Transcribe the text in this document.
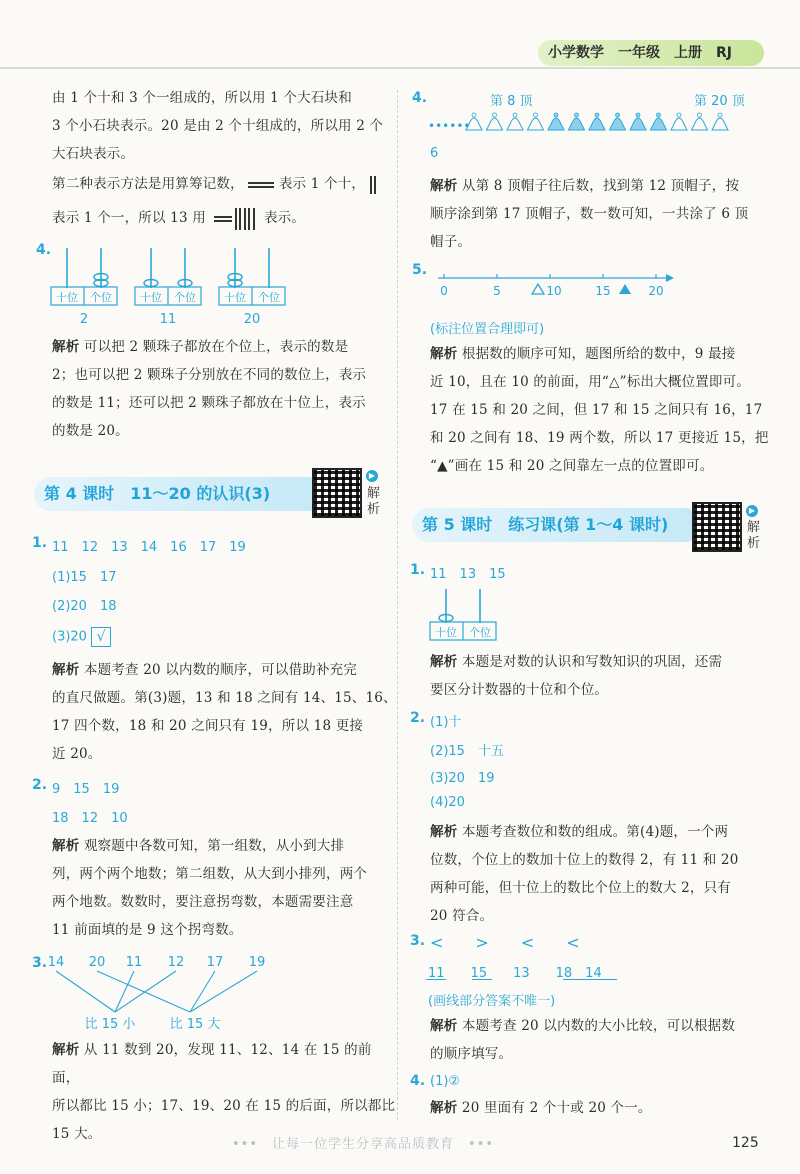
小学数学　一年级　上册　RJ
由 1 个十和 3 个一组成的，所以用 1 个大石块和
3 个小石块表示。20 是由 2 个十组成的，所以用 2 个
大石块表示。
第二种表示方法是用算筹记数，	表示 1 个十，
表示 1 个一，所以 13 用	表示。
4.
十位 个位	十位 个位	十位 个位
2	11	20
解析 可以把 2 颗珠子都放在个位上，表示的数是
2；也可以把 2 颗珠子分别放在不同的数位上，表示
的数是 11；还可以把 2 颗珠子都放在十位上，表示
的数是 20。
第 4 课时　11～20 的认识(3)
▶
解析
1. 11　12　13　14　16　17　19
(1)15　17
(2)20　18
(3)20 √
解析 本题考查 20 以内数的顺序，可以借助补充完
的直尺做题。第(3)题，13 和 18 之间有 14、15、16、
17 四个数，18 和 20 之间只有 19，所以 18 更接
近 20。
2. 9　15　19
18　12　10
解析 观察题中各数可知，第一组数，从小到大排
列，两个两个地数；第二组数，从大到小排列，两个
两个地数。数数时，要注意拐弯数，本题需要注意
11 前面填的是 9 这个拐弯数。
3. 14 20 11 12 17 19
比 15 小	比 15 大
解析 从 11 数到 20，发现 11、12、14 在 15 的前面，
所以都比 15 小；17、19、20 在 15 的后面，所以都比
15 大。
4.	第 8 顶	第 20 顶
••••••
6
解析 从第 8 顶帽子往后数，找到第 12 顶帽子，按
顺序涂到第 17 顶帽子，数一数可知，一共涂了 6 顶
帽子。
5.
0	5	10	15	20
(标注位置合理即可)
解析 根据数的顺序可知，题图所给的数中，9 最接
近 10，且在 10 的前面，用“△”标出大概位置即可。
17 在 15 和 20 之间，但 17 和 15 之间只有 16，17
和 20 之间有 18、19 两个数，所以 17 更接近 15，把
“▲”画在 15 和 20 之间靠左一点的位置即可。
第 5 课时　练习课(第 1～4 课时)
▶
解析
1. 11　13　15
十位 个位
解析 本题是对数的认识和写数知识的巩固，还需
要区分计数器的十位和个位。
2. (1)十
(2)15　十五
(3)20　19
(4)20
解析 本题考查数位和数的组成。第(4)题，一个两
位数，个位上的数加十位上的数得 2，有 11 和 20
两种可能，但十位上的数比个位上的数大 2，只有
20 符合。
3. <　　>　　<　　<
11　　15　　13　　18　14
(画线部分答案不唯一)
解析 本题考查 20 以内数的大小比较，可以根据数
的顺序填写。
4. (1)②
解析 20 里面有 2 个十或 20 个一。
•••　让每一位学生分享高品质教育　•••	125
